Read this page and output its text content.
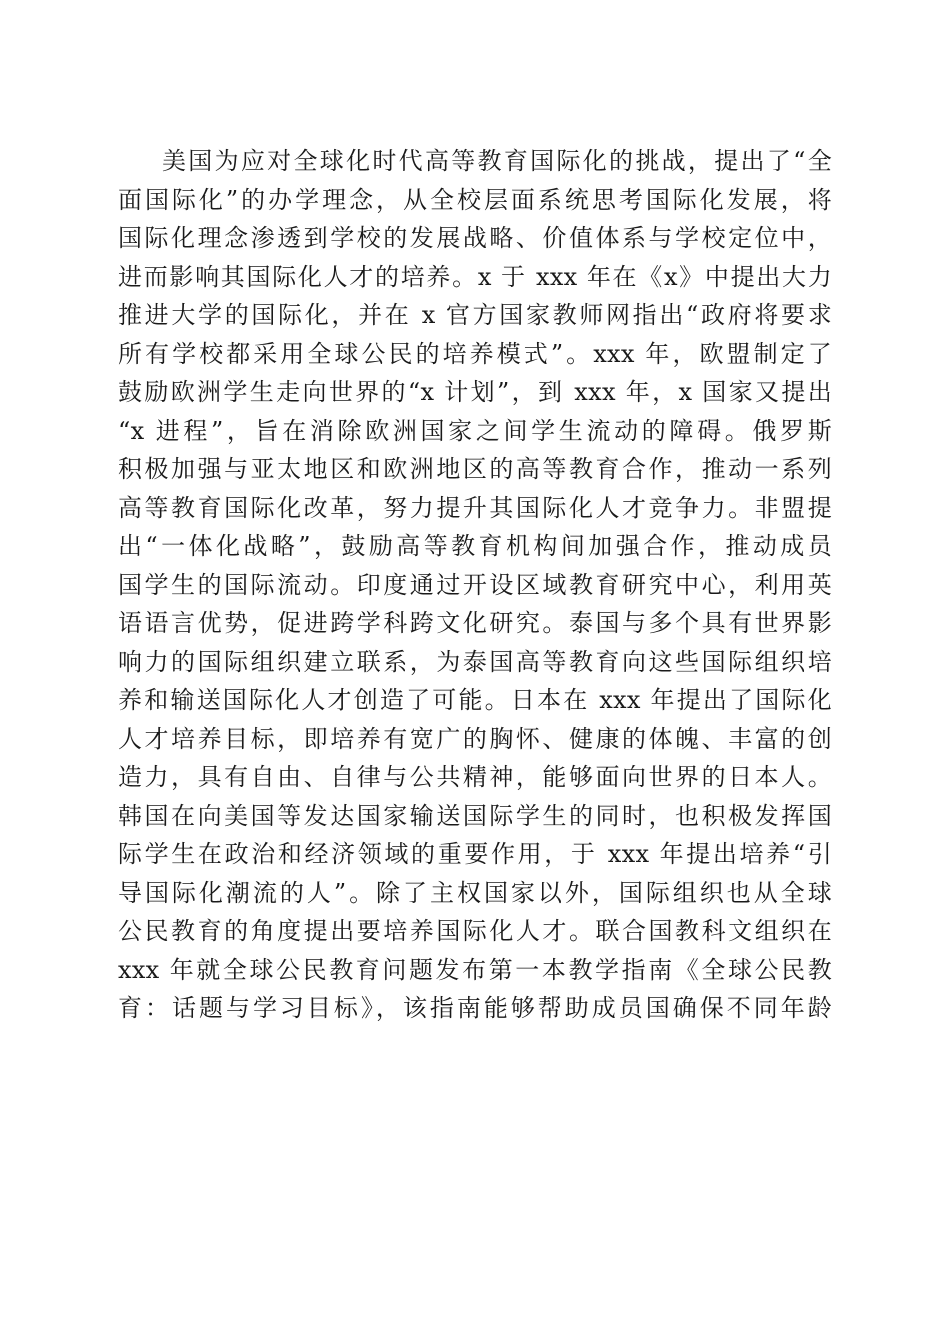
美国为应对全球化时代高等教育国际化的挑战，提出了“全
面国际化”的办学理念，从全校层面系统思考国际化发展，将
国际化理念渗透到学校的发展战略、价值体系与学校定位中，
进而影响其国际化人才的培养。x 于 xxx 年在《x》中提出大力
推进大学的国际化，并在 x 官方国家教师网指出“政府将要求
所有学校都采用全球公民的培养模式”。xxx 年，欧盟制定了
鼓励欧洲学生走向世界的“x 计划”，到 xxx 年，x 国家又提出
“x 进程”，旨在消除欧洲国家之间学生流动的障碍。俄罗斯
积极加强与亚太地区和欧洲地区的高等教育合作，推动一系列
高等教育国际化改革，努力提升其国际化人才竞争力。非盟提
出“一体化战略”，鼓励高等教育机构间加强合作，推动成员
国学生的国际流动。印度通过开设区域教育研究中心，利用英
语语言优势，促进跨学科跨文化研究。泰国与多个具有世界影
响力的国际组织建立联系，为泰国高等教育向这些国际组织培
养和输送国际化人才创造了可能。日本在 xxx 年提出了国际化
人才培养目标，即培养有宽广的胸怀、健康的体魄、丰富的创
造力，具有自由、自律与公共精神，能够面向世界的日本人。
韩国在向美国等发达国家输送国际学生的同时，也积极发挥国
际学生在政治和经济领域的重要作用，于 xxx 年提出培养“引
导国际化潮流的人”。除了主权国家以外，国际组织也从全球
公民教育的角度提出要培养国际化人才。联合国教科文组织在
xxx 年就全球公民教育问题发布第一本教学指南《全球公民教
育：话题与学习目标》，该指南能够帮助成员国确保不同年龄
